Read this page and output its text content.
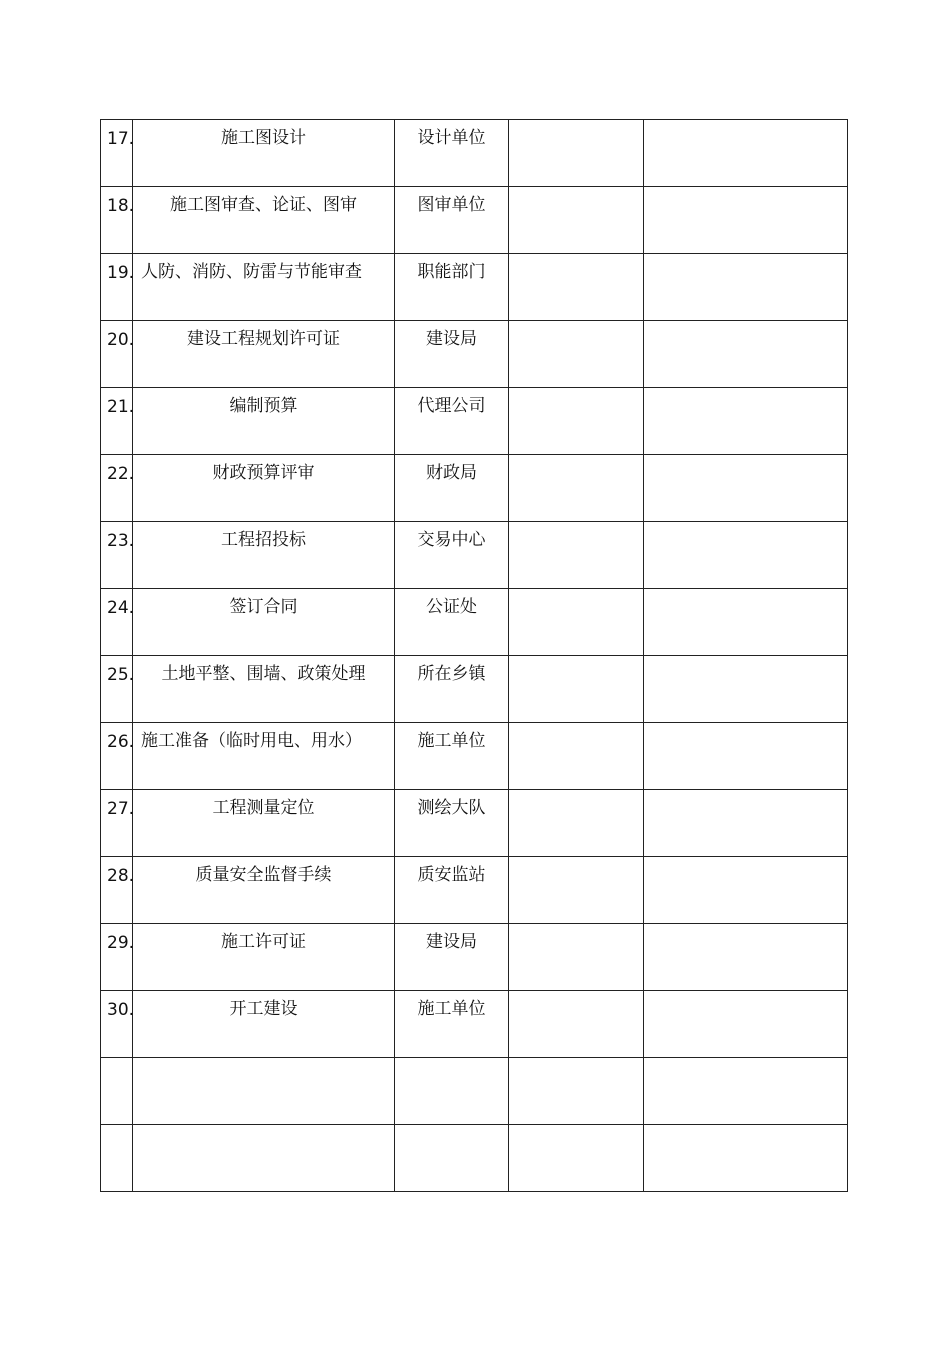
17.	施工图设计	设计单位		
18.	施工图审查、论证、图审	图审单位		
19.	人防、消防、防雷与节能审查	职能部门		
20.	建设工程规划许可证	建设局		
21.	编制预算	代理公司		
22.	财政预算评审	财政局		
23.	工程招投标	交易中心		
24.	签订合同	公证处		
25.	土地平整、围墙、政策处理	所在乡镇		
26.	施工准备（临时用电、用水）	施工单位		
27.	工程测量定位	测绘大队		
28.	质量安全监督手续	质安监站		
29.	施工许可证	建设局		
30.	开工建设	施工单位		
